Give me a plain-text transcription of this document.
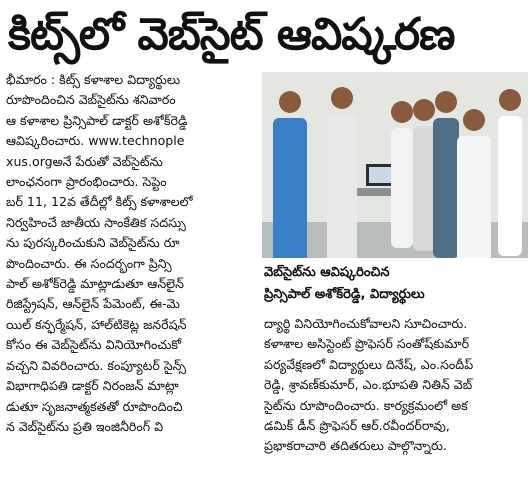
కిట్స్‌లో వెబ్‌సైట్‌ ఆవిష్కరణ
భీమారం : కిట్స్‌ కళాశాల విద్యార్థులు
రూపొందించిన వెబ్‌సైట్‌ను శనివారం
ఆ కళాశాల ప్రిన్సిపాల్‌ డాక్టర్‌ అశోక్‌రెడ్డి
ఆవిష్కరించారు. www.technople
xus.orgఅనే పేరుతో వెబ్‌సైట్‌ను
లాంఛనంగా ప్రారంభించారు. సెప్టెం
బర్‌ 11, 12వ తేదీల్లో కిట్స్‌ కళాశాలలో
నిర్వహించే జాతీయ సాంకేతిక సదస్సు
ను పురస్కరించుకుని వెబ్‌సైట్‌ను రూ
పొందించారు. ఈ సందర్భంగా ప్రిన్సి
పాల్‌ అశోక్‌రెడ్డి మాట్లాడుతూ ఆన్‌లైన్‌
రిజిస్ట్రేషన్‌, ఆన్‌లైన్‌ పేమెంట్‌, ఈ-మె
యిల్‌ కన్ఫర్మేషన్‌, హాల్‌టికెట్ల జనరేషన్‌
కోసం ఈ వెబ్‌సైట్‌ను వినియోగించుకో
వచ్చని వివరించారు. కంప్యూటర్‌ సైన్స్‌
విభాగాధిపతి డాక్టర్‌ నిరంజన్‌ మాట్లా
డుతూ సృజనాత్మకతతో రూపొందించి
న వెబ్‌సైట్‌ను ప్రతి ఇంజినీరింగ్‌ వి
వెబ్‌సైట్‌ను ఆవిష్కరించిన
ప్రిన్సిపాల్‌ అశోక్‌రెడ్డి, విద్యార్థులు
ద్యార్థి వినియోగించుకోవాలని సూచించారు.
కళాశాల అసిస్టెంట్‌ ప్రొఫెసర్‌ సంతోష్‌కుమార్‌
పర్యవేక్షణలో విద్యార్థులు దినేష్‌, ఎం.సందీప్‌
రెడ్డి, శ్రావణ్‌కుమార్‌, ఎం.భూపతి నితిన్‌ వెబ్‌
సైట్‌ను రూపొందించారు. కార్యక్రమంలో అక
డమిక్‌ డీన్‌ ప్రొఫెసర్‌ ఆర్‌.రవీందర్‌రావు,
ప్రభాకరాచారి తదితరులు పాల్గొన్నారు.
